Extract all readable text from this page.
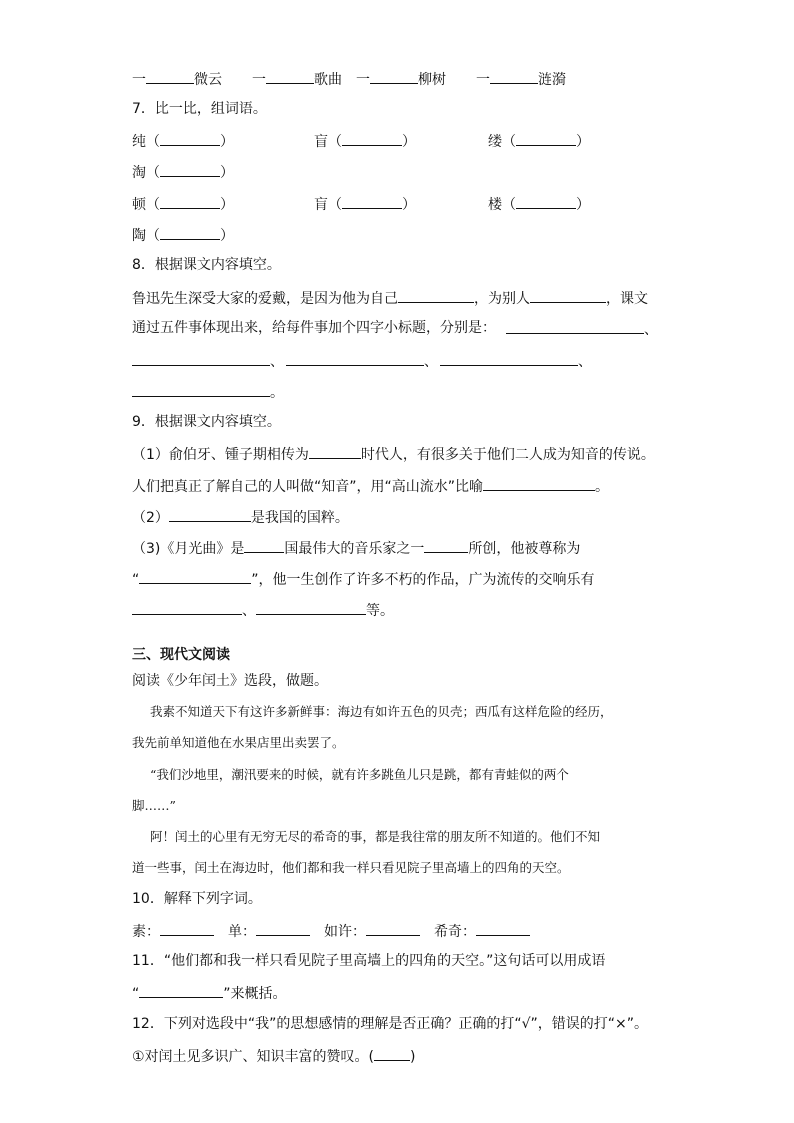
一	微云 一	歌曲 一	柳树 一	涟漪
7．比一比，组词语。
纯（	）	盲（	）	缕（	）
淘（	）
顿（	）	肓（	）	楼（	）
陶（	）
8．根据课文内容填空。
鲁迅先生深受大家的爱戴，是因为他为自己	，为别人	，课文
通过五件事体现出来，给每件事加个四字小标题，分别是：	、
、	、	、
。
9．根据课文内容填空。
（1）俞伯牙、锺子期相传为	时代人，有很多关于他们二人成为知音的传说。
人们把真正了解自己的人叫做“知音”，用“高山流水”比喻	。
（2）	是我国的国粹。
（3)《月光曲》是	国最伟大的音乐家之一	所创，他被尊称为
“	”，他一生创作了许多不朽的作品，广为流传的交响乐有
、	等。
三、现代文阅读
阅读《少年闰土》选段，做题。
我素不知道天下有这许多新鲜事：海边有如许五色的贝壳；西瓜有这样危险的经历，
我先前单知道他在水果店里出卖罢了。
“我们沙地里，潮汛要来的时候，就有许多跳鱼儿只是跳，都有青蛙似的两个
脚……”
阿！闰土的心里有无穷无尽的希奇的事，都是我往常的朋友所不知道的。他们不知
道一些事，闰土在海边时，他们都和我一样只看见院子里高墙上的四角的天空。
10．解释下列字词。
素：	单：	如许：	希奇：
11．“他们都和我一样只看见院子里高墙上的四角的天空。”这句话可以用成语
“	”来概括。
12．下列对选段中“我”的思想感情的理解是否正确？正确的打“√”，错误的打“×”。
①对闰土见多识广、知识丰富的赞叹。(	)
